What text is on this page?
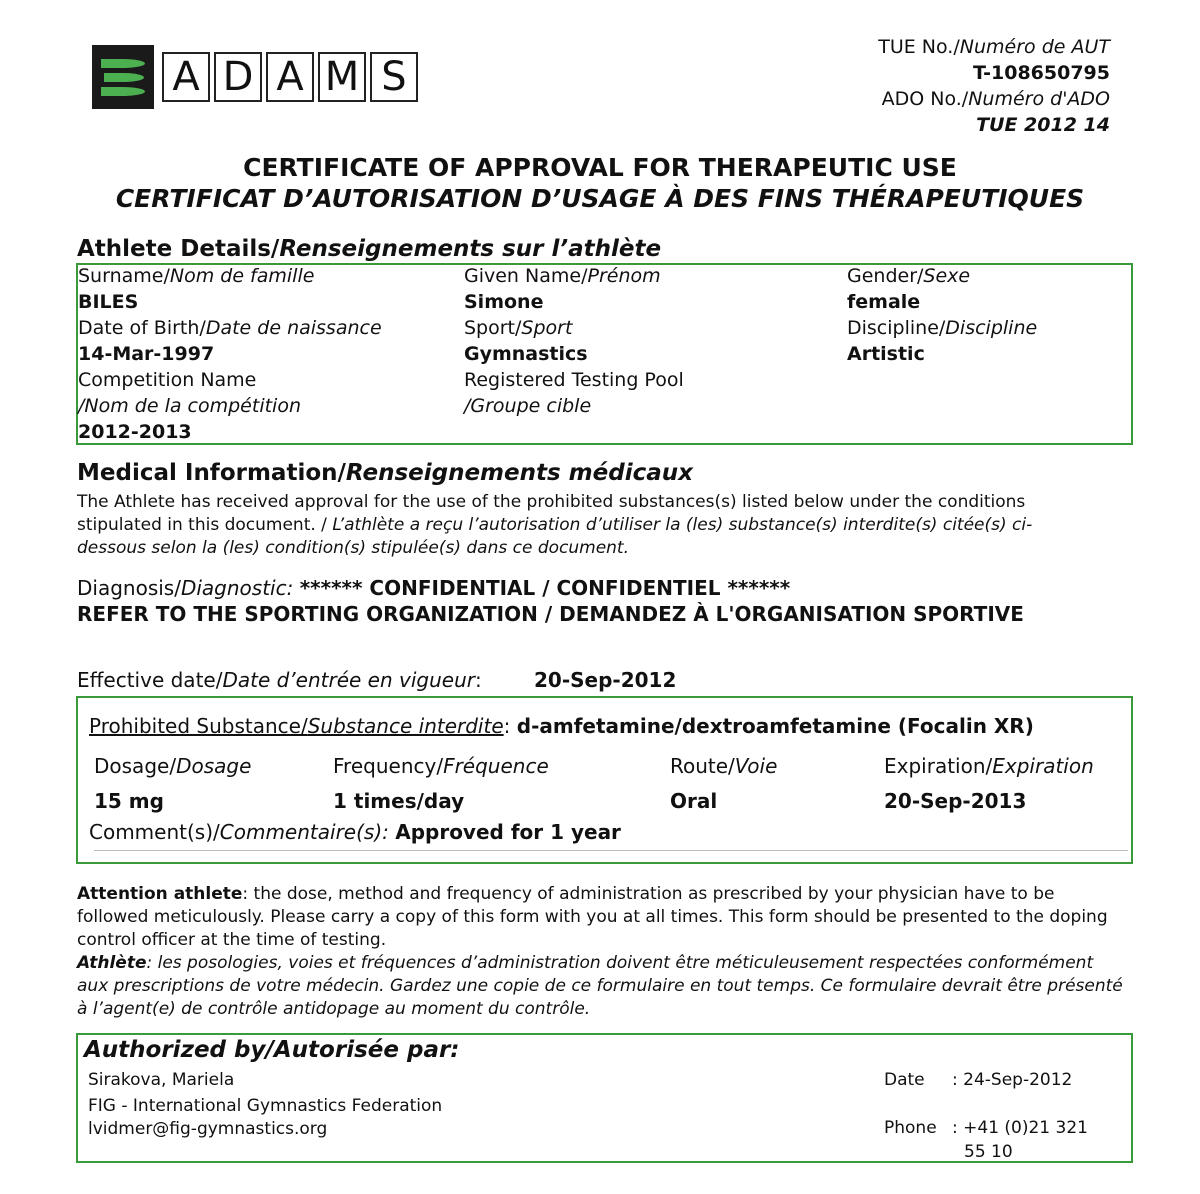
A D A M S
TUE No./Numéro de AUT
T-108650795
ADO No./Numéro d'ADO
TUE 2012 14
CERTIFICATE OF APPROVAL FOR THERAPEUTIC USE
CERTIFICAT D’AUTORISATION D’USAGE À DES FINS THÉRAPEUTIQUES
Athlete Details/Renseignements sur l’athlète
Surname/Nom de famille
BILES
Given Name/Prénom
Simone
Gender/Sexe
female
Date of Birth/Date de naissance
14-Mar-1997
Sport/Sport
Gymnastics
Discipline/Discipline
Artistic
Competition Name
/Nom de la compétition
2012-2013
Registered Testing Pool
/Groupe cible
Medical Information/Renseignements médicaux

The Athlete has received approval for the use of the prohibited substances(s) listed below under the conditions stipulated in this document. / L’athlète a reçu l’autorisation d’utiliser la (les) substance(s) interdite(s) citée(s) ci-dessous selon la (les) condition(s) stipulée(s) dans ce document.

Diagnosis/Diagnostic: ****** CONFIDENTIAL / CONFIDENTIEL ******
REFER TO THE SPORTING ORGANIZATION / DEMANDEZ À L'ORGANISATION SPORTIVE
Effective date/Date d’entrée en vigueur:	20-Sep-2012
Prohibited Substance/Substance interdite: d-amfetamine/dextroamfetamine (Focalin XR)
Dosage/Dosage
15 mg
Frequency/Fréquence
1 times/day
Route/Voie
Oral
Expiration/Expiration
20-Sep-2013
Comment(s)/Commentaire(s): Approved for 1 year

Attention athlete: the dose, method and frequency of administration as prescribed by your physician have to be followed meticulously. Please carry a copy of this form with you at all times. This form should be presented to the doping control officer at the time of testing.

Athlète: les posologies, voies et fréquences d’administration doivent être méticuleusement respectées conformément aux prescriptions de votre médecin. Gardez une copie de ce formulaire en tout temps. Ce formulaire devrait être présenté à l’agent(e) de contrôle antidopage au moment du contrôle.

Authorized by/Autorisée par:
Sirakova, Mariela
FIG - International Gymnastics Federation
lvidmer@fig-gymnastics.org
Date : 24-Sep-2012
Phone : +41 (0)21 321
55 10
